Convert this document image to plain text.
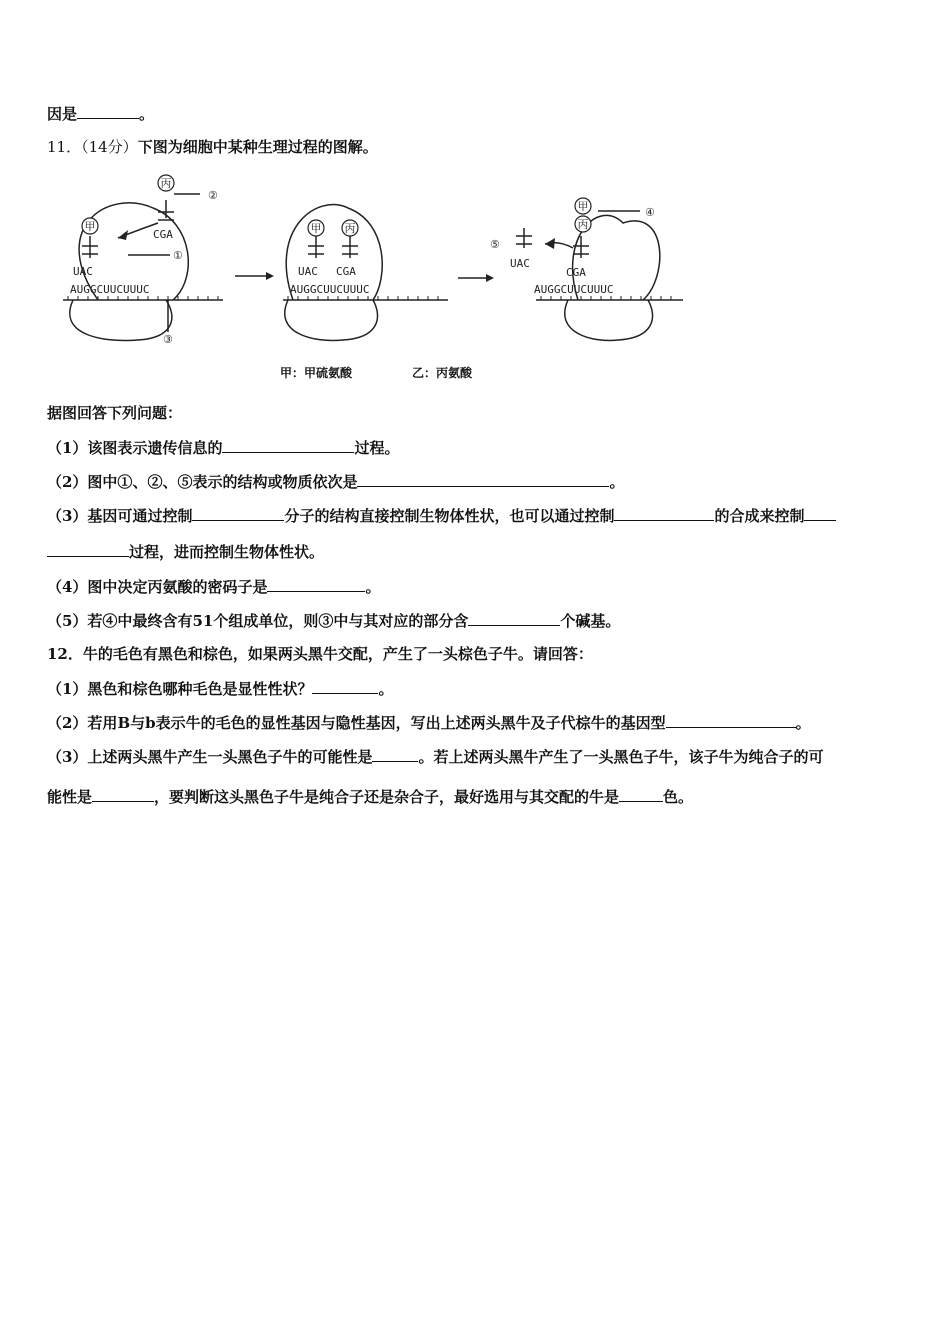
因是	。
11．（14分）下图为细胞中某种生理过程的图解。
丙
甲	甲 丙
甲
丙
②
CGA
①
UAC
AUGGCUUCUUUC
③
UAC CGA
AUGGCUUCUUUC
④
⑤
UAC
CGA
AUGGCUUCUUUC
甲：甲硫氨酸	乙：丙氨酸
据图回答下列问题：
（1）该图表示遗传信息的	过程。
（2）图中①、②、⑤表示的结构或物质依次是	。
（3）基因可通过控制	分子的结构直接控制生物体性状，也可以通过控制	的合成来控制
过程，进而控制生物体性状。
（4）图中决定丙氨酸的密码子是	。
（5）若④中最终含有51个组成单位，则③中与其对应的部分含	个碱基。
12．牛的毛色有黑色和棕色，如果两头黑牛交配，产生了一头棕色子牛。请回答：
（1）黑色和棕色哪种毛色是显性性状？	。
（2）若用B与b表示牛的毛色的显性基因与隐性基因，写出上述两头黑牛及子代棕牛的基因型	。
（3）上述两头黑牛产生一头黑色子牛的可能性是	。若上述两头黑牛产生了一头黑色子牛，该子牛为纯合子的可
能性是	，要判断这头黑色子牛是纯合子还是杂合子，最好选用与其交配的牛是	色。
